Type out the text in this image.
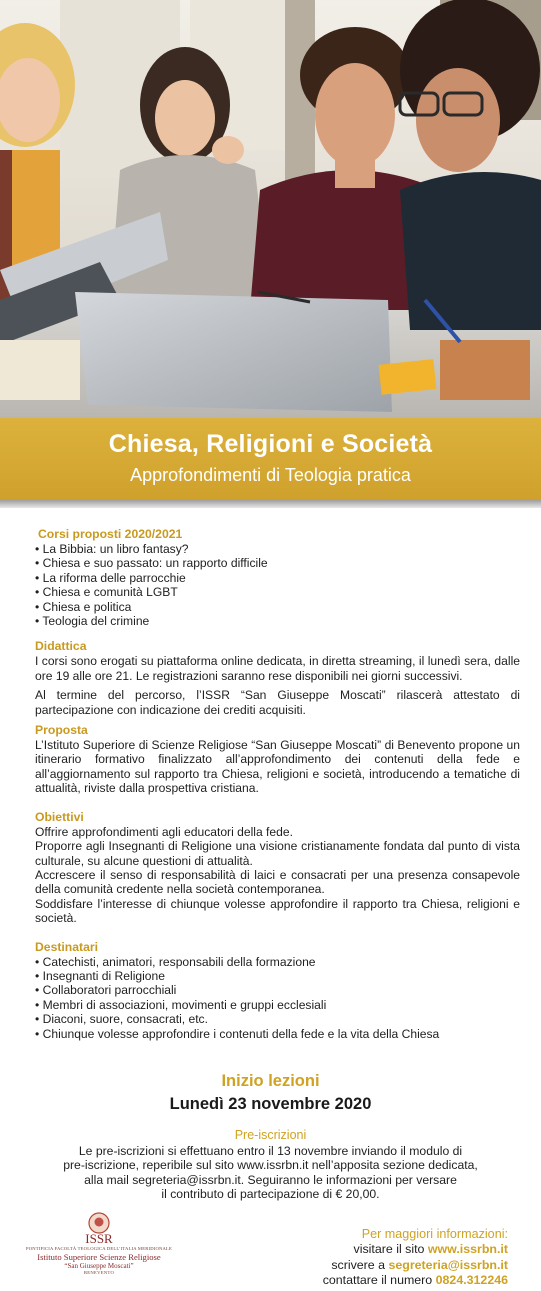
Chiesa, Religioni e Società
Approfondimenti di Teologia pratica
Corsi proposti 2020/2021
• La Bibbia: un libro fantasy?
• Chiesa e suo passato: un rapporto difficile
• La riforma delle parrocchie
• Chiesa e comunità LGBT
• Chiesa e politica
• Teologia del crimine
Didattica
I corsi sono erogati su piattaforma online dedicata, in diretta streaming, il lunedì sera, dalle ore 19 alle ore 21. Le registrazioni saranno rese disponibili nei giorni successivi.
Al termine del percorso, l’ISSR “San Giuseppe Moscati” rilascerà attestato di partecipazione con indicazione dei crediti acquisiti.
Proposta
L’Istituto Superiore di Scienze Religiose “San Giuseppe Moscati” di Benevento propone un itinerario formativo finalizzato all’approfondimento dei contenuti della fede e all’aggiornamento sul rapporto tra Chiesa, religioni e società, introducendo a tematiche di attualità, riviste dalla prospettiva cristiana.
Obiettivi
Offrire approfondimenti agli educatori della fede.
Proporre agli Insegnanti di Religione una visione cristianamente fondata dal punto di vista culturale, su alcune questioni di attualità.
Accrescere il senso di responsabilità di laici e consacrati per una presenza consapevole della comunità credente nella società contemporanea.
Soddisfare l’interesse di chiunque volesse approfondire il rapporto tra Chiesa, religioni e società.
Destinatari
• Catechisti, animatori, responsabili della formazione
• Insegnanti di Religione
• Collaboratori parrocchiali
• Membri di associazioni, movimenti e gruppi ecclesiali
• Diaconi, suore, consacrati, etc.
• Chiunque volesse approfondire i contenuti della fede e la vita della Chiesa
Inizio lezioni
Lunedì 23 novembre 2020
Pre-iscrizioni
Le pre-iscrizioni si effettuano entro il 13 novembre inviando il modulo di
pre-iscrizione, reperibile sul sito www.issrbn.it nell’apposita sezione dedicata,
alla mail segreteria@issrbn.it. Seguiranno le informazioni per versare
il contributo di partecipazione di € 20,00.
ISSR
PONTIFICIA FACOLTÀ TEOLOGICA DELL’ITALIA MERIDIONALE
Istituto Superiore Scienze Religiose
“San Giuseppe Moscati”
BENEVENTO
Per maggiori informazioni:
visitare il sito www.issrbn.it
scrivere a segreteria@issrbn.it
contattare il numero 0824.312246
